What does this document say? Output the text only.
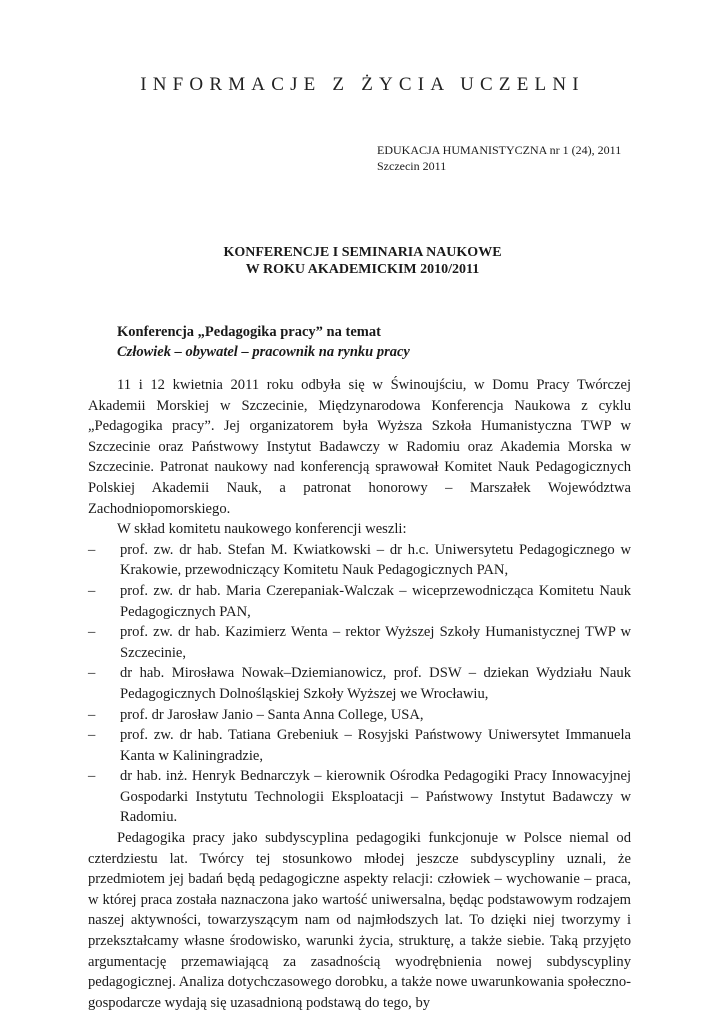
INFORMACJE Z ŻYCIA UCZELNI
EDUKACJA HUMANISTYCZNA nr 1 (24), 2011
Szczecin 2011
KONFERENCJE I SEMINARIA NAUKOWE
W ROKU AKADEMICKIM 2010/2011
Konferencja „Pedagogika pracy” na temat
Człowiek – obywatel – pracownik na rynku pracy

11 i 12 kwietnia 2011 roku odbyła się w Świnoujściu, w Domu Pracy Twórczej Akademii Morskiej w Szczecinie, Międzynarodowa Konferencja Naukowa z cyklu „Pedagogika pracy”. Jej organizatorem była Wyższa Szkoła Humanistyczna TWP w Szczecinie oraz Państwowy Instytut Badawczy w Radomiu oraz Akademia Morska w Szczecinie. Patronat naukowy nad konferencją sprawował Komitet Nauk Pedagogicznych Polskiej Akademii Nauk, a patronat honorowy – Marszałek Województwa Zachodniopomorskiego.

W skład komitetu naukowego konferencji weszli:

–	prof. zw. dr hab. Stefan M. Kwiatkowski – dr h.c. Uniwersytetu Pedagogicznego w Krakowie, przewodniczący Komitetu Nauk Pedagogicznych PAN,
–	prof. zw. dr hab. Maria Czerepaniak-Walczak – wiceprzewodnicząca Komitetu Nauk Pedagogicznych PAN,
–	prof. zw. dr hab. Kazimierz Wenta – rektor Wyższej Szkoły Humanistycznej TWP w Szczecinie,
–	dr hab. Mirosława Nowak–Dziemianowicz, prof. DSW – dziekan Wydziału Nauk Pedagogicznych Dolnośląskiej Szkoły Wyższej we Wrocławiu,
–	prof. dr Jarosław Janio – Santa Anna College, USA,
–	prof. zw. dr hab. Tatiana Grebeniuk – Rosyjski Państwowy Uniwersytet Immanuela Kanta w Kaliningradzie,
–	dr hab. inż. Henryk Bednarczyk – kierownik Ośrodka Pedagogiki Pracy Innowacyjnej Gospodarki Instytutu Technologii Eksploatacji – Państwowy Instytut Badawczy w Radomiu.

Pedagogika pracy jako subdyscyplina pedagogiki funkcjonuje w Polsce niemal od czterdziestu lat. Twórcy tej stosunkowo młodej jeszcze subdyscypliny uznali, że przedmiotem jej badań będą pedagogiczne aspekty relacji: człowiek – wychowanie – praca, w której praca została naznaczona jako wartość uniwersalna, będąc podstawowym rodzajem naszej aktywności, towarzyszącym nam od najmłodszych lat. To dzięki niej tworzymy i przekształcamy własne środowisko, warunki życia, strukturę, a także siebie. Taką przyjęto argumentację przemawiającą za zasadnością wyodrębnienia nowej subdyscypliny pedagogicznej. Analiza dotychczasowego dorobku, a także nowe uwarunkowania społeczno-gospodarcze wydają się uzasadnioną podstawą do tego, by
